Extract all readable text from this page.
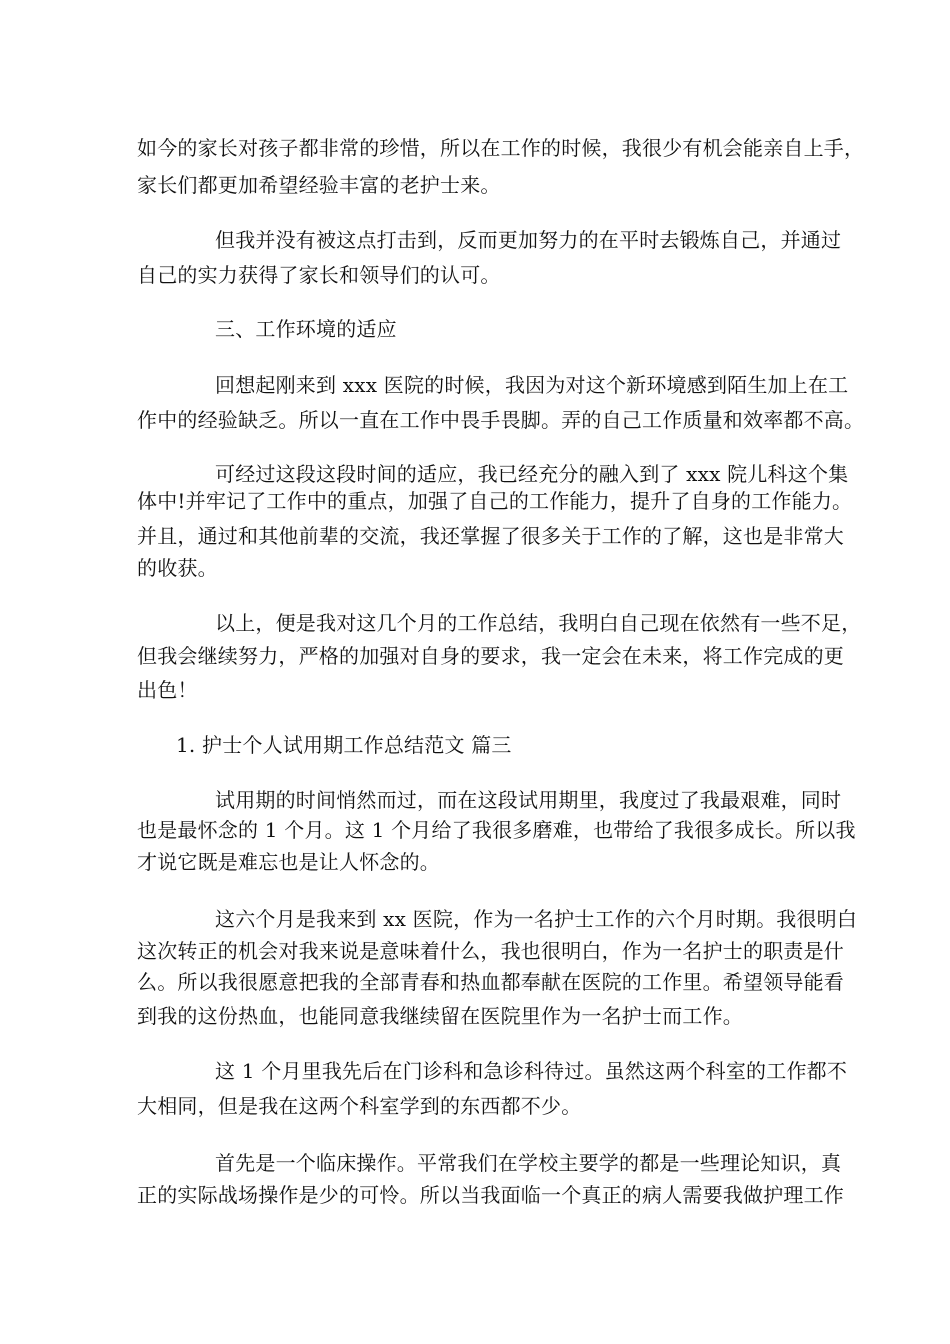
如今的家长对孩子都非常的珍惜，所以在工作的时候，我很少有机会能亲自上手，
家长们都更加希望经验丰富的老护士来。
但我并没有被这点打击到，反而更加努力的在平时去锻炼自己，并通过
自己的实力获得了家长和领导们的认可。
三、工作环境的适应
回想起刚来到 xxx 医院的时候，我因为对这个新环境感到陌生加上在工
作中的经验缺乏。所以一直在工作中畏手畏脚。弄的自己工作质量和效率都不高。
可经过这段这段时间的适应，我已经充分的融入到了 xxx 院儿科这个集
体中!并牢记了工作中的重点，加强了自己的工作能力，提升了自身的工作能力。
并且，通过和其他前辈的交流，我还掌握了很多关于工作的了解，这也是非常大
的收获。
以上，便是我对这几个月的工作总结，我明白自己现在依然有一些不足，
但我会继续努力，严格的加强对自身的要求，我一定会在未来，将工作完成的更
出色！
1. 护士个人试用期工作总结范文 篇三
试用期的时间悄然而过，而在这段试用期里，我度过了我最艰难，同时
也是最怀念的 1 个月。这 1 个月给了我很多磨难，也带给了我很多成长。所以我
才说它既是难忘也是让人怀念的。
这六个月是我来到 xx 医院，作为一名护士工作的六个月时期。我很明白
这次转正的机会对我来说是意味着什么，我也很明白，作为一名护士的职责是什
么。所以我很愿意把我的全部青春和热血都奉献在医院的工作里。希望领导能看
到我的这份热血，也能同意我继续留在医院里作为一名护士而工作。
这 1 个月里我先后在门诊科和急诊科待过。虽然这两个科室的工作都不
大相同，但是我在这两个科室学到的东西都不少。
首先是一个临床操作。平常我们在学校主要学的都是一些理论知识，真
正的实际战场操作是少的可怜。所以当我面临一个真正的病人需要我做护理工作
